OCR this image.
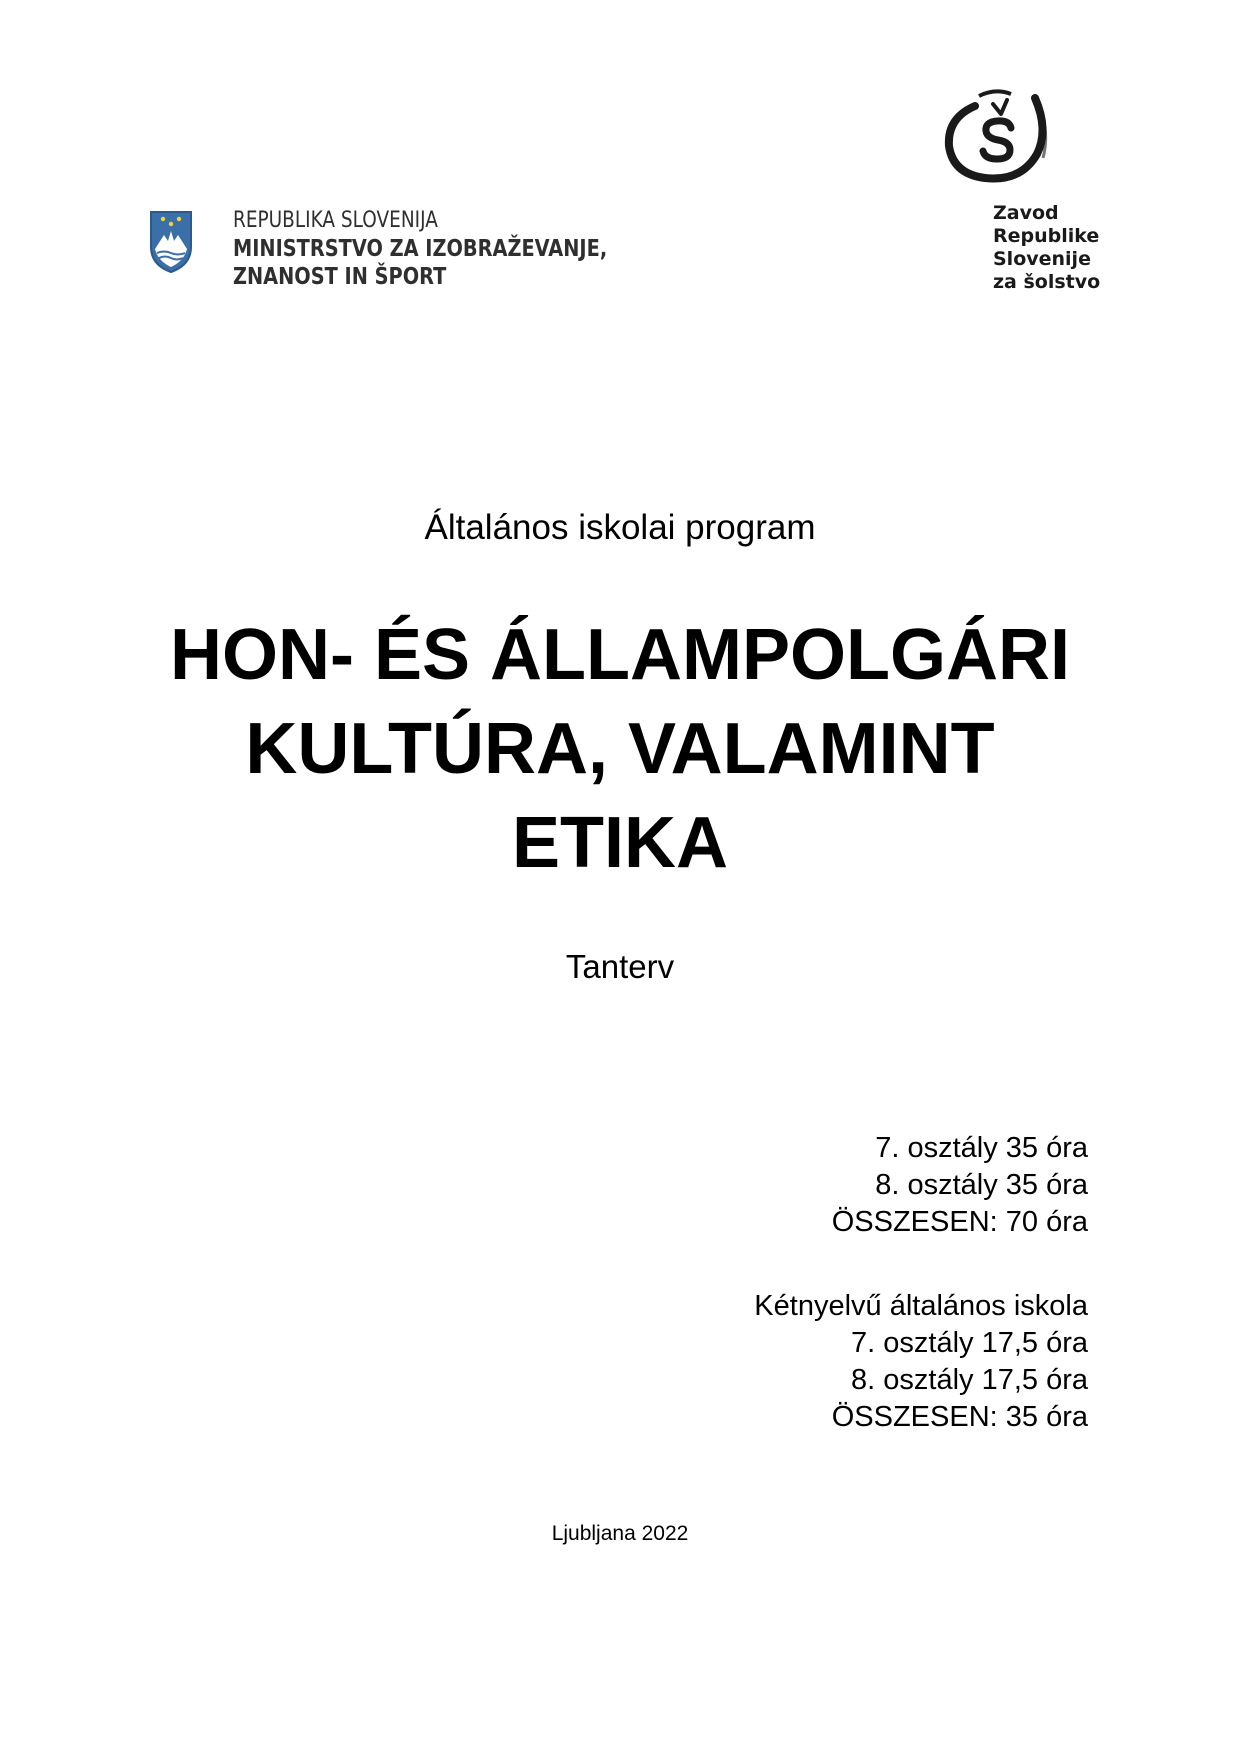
REPUBLIKA SLOVENIJA
MINISTRSTVO ZA IZOBRAŽEVANJE,
ZNANOST IN ŠPORT
Zavod
Republike
Slovenije
za šolstvo
Általános iskolai program
HON- ÉS ÁLLAMPOLGÁRI
KULTÚRA, VALAMINT
ETIKA
Tanterv
7. osztály 35 óra
8. osztály 35 óra
ÖSSZESEN: 70 óra
Kétnyelvű általános iskola
7. osztály 17,5 óra
8. osztály 17,5 óra
ÖSSZESEN: 35 óra
Ljubljana 2022
